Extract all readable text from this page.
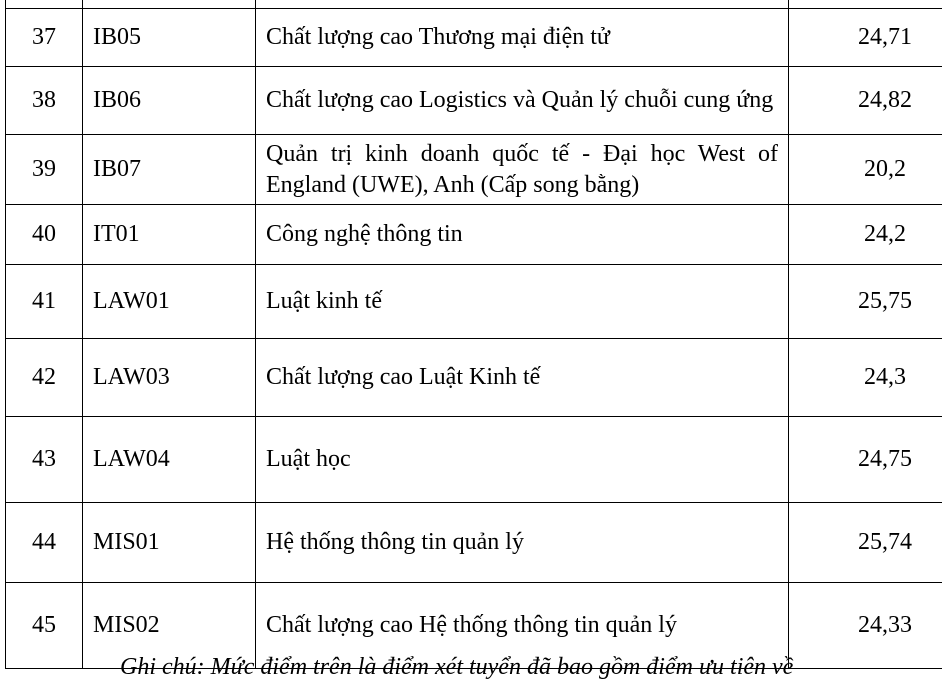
37	IB05	Chất lượng cao Thương mại điện tử	24,71
38	IB06	Chất lượng cao Logistics và Quản lý chuỗi cung ứng	24,82
39	IB07	Quản trị kinh doanh quốc tế - Đại học West of England (UWE), Anh (Cấp song bằng)	20,2
40	IT01	Công nghệ thông tin	24,2
41	LAW01	Luật kinh tế	25,75
42	LAW03	Chất lượng cao Luật Kinh tế	24,3
43	LAW04	Luật học	24,75
44	MIS01	Hệ thống thông tin quản lý	25,74
45	MIS02	Chất lượng cao Hệ thống thông tin quản lý	24,33
Ghi chú: Mức điểm trên là điểm xét tuyển đã bao gồm điểm ưu tiên về
